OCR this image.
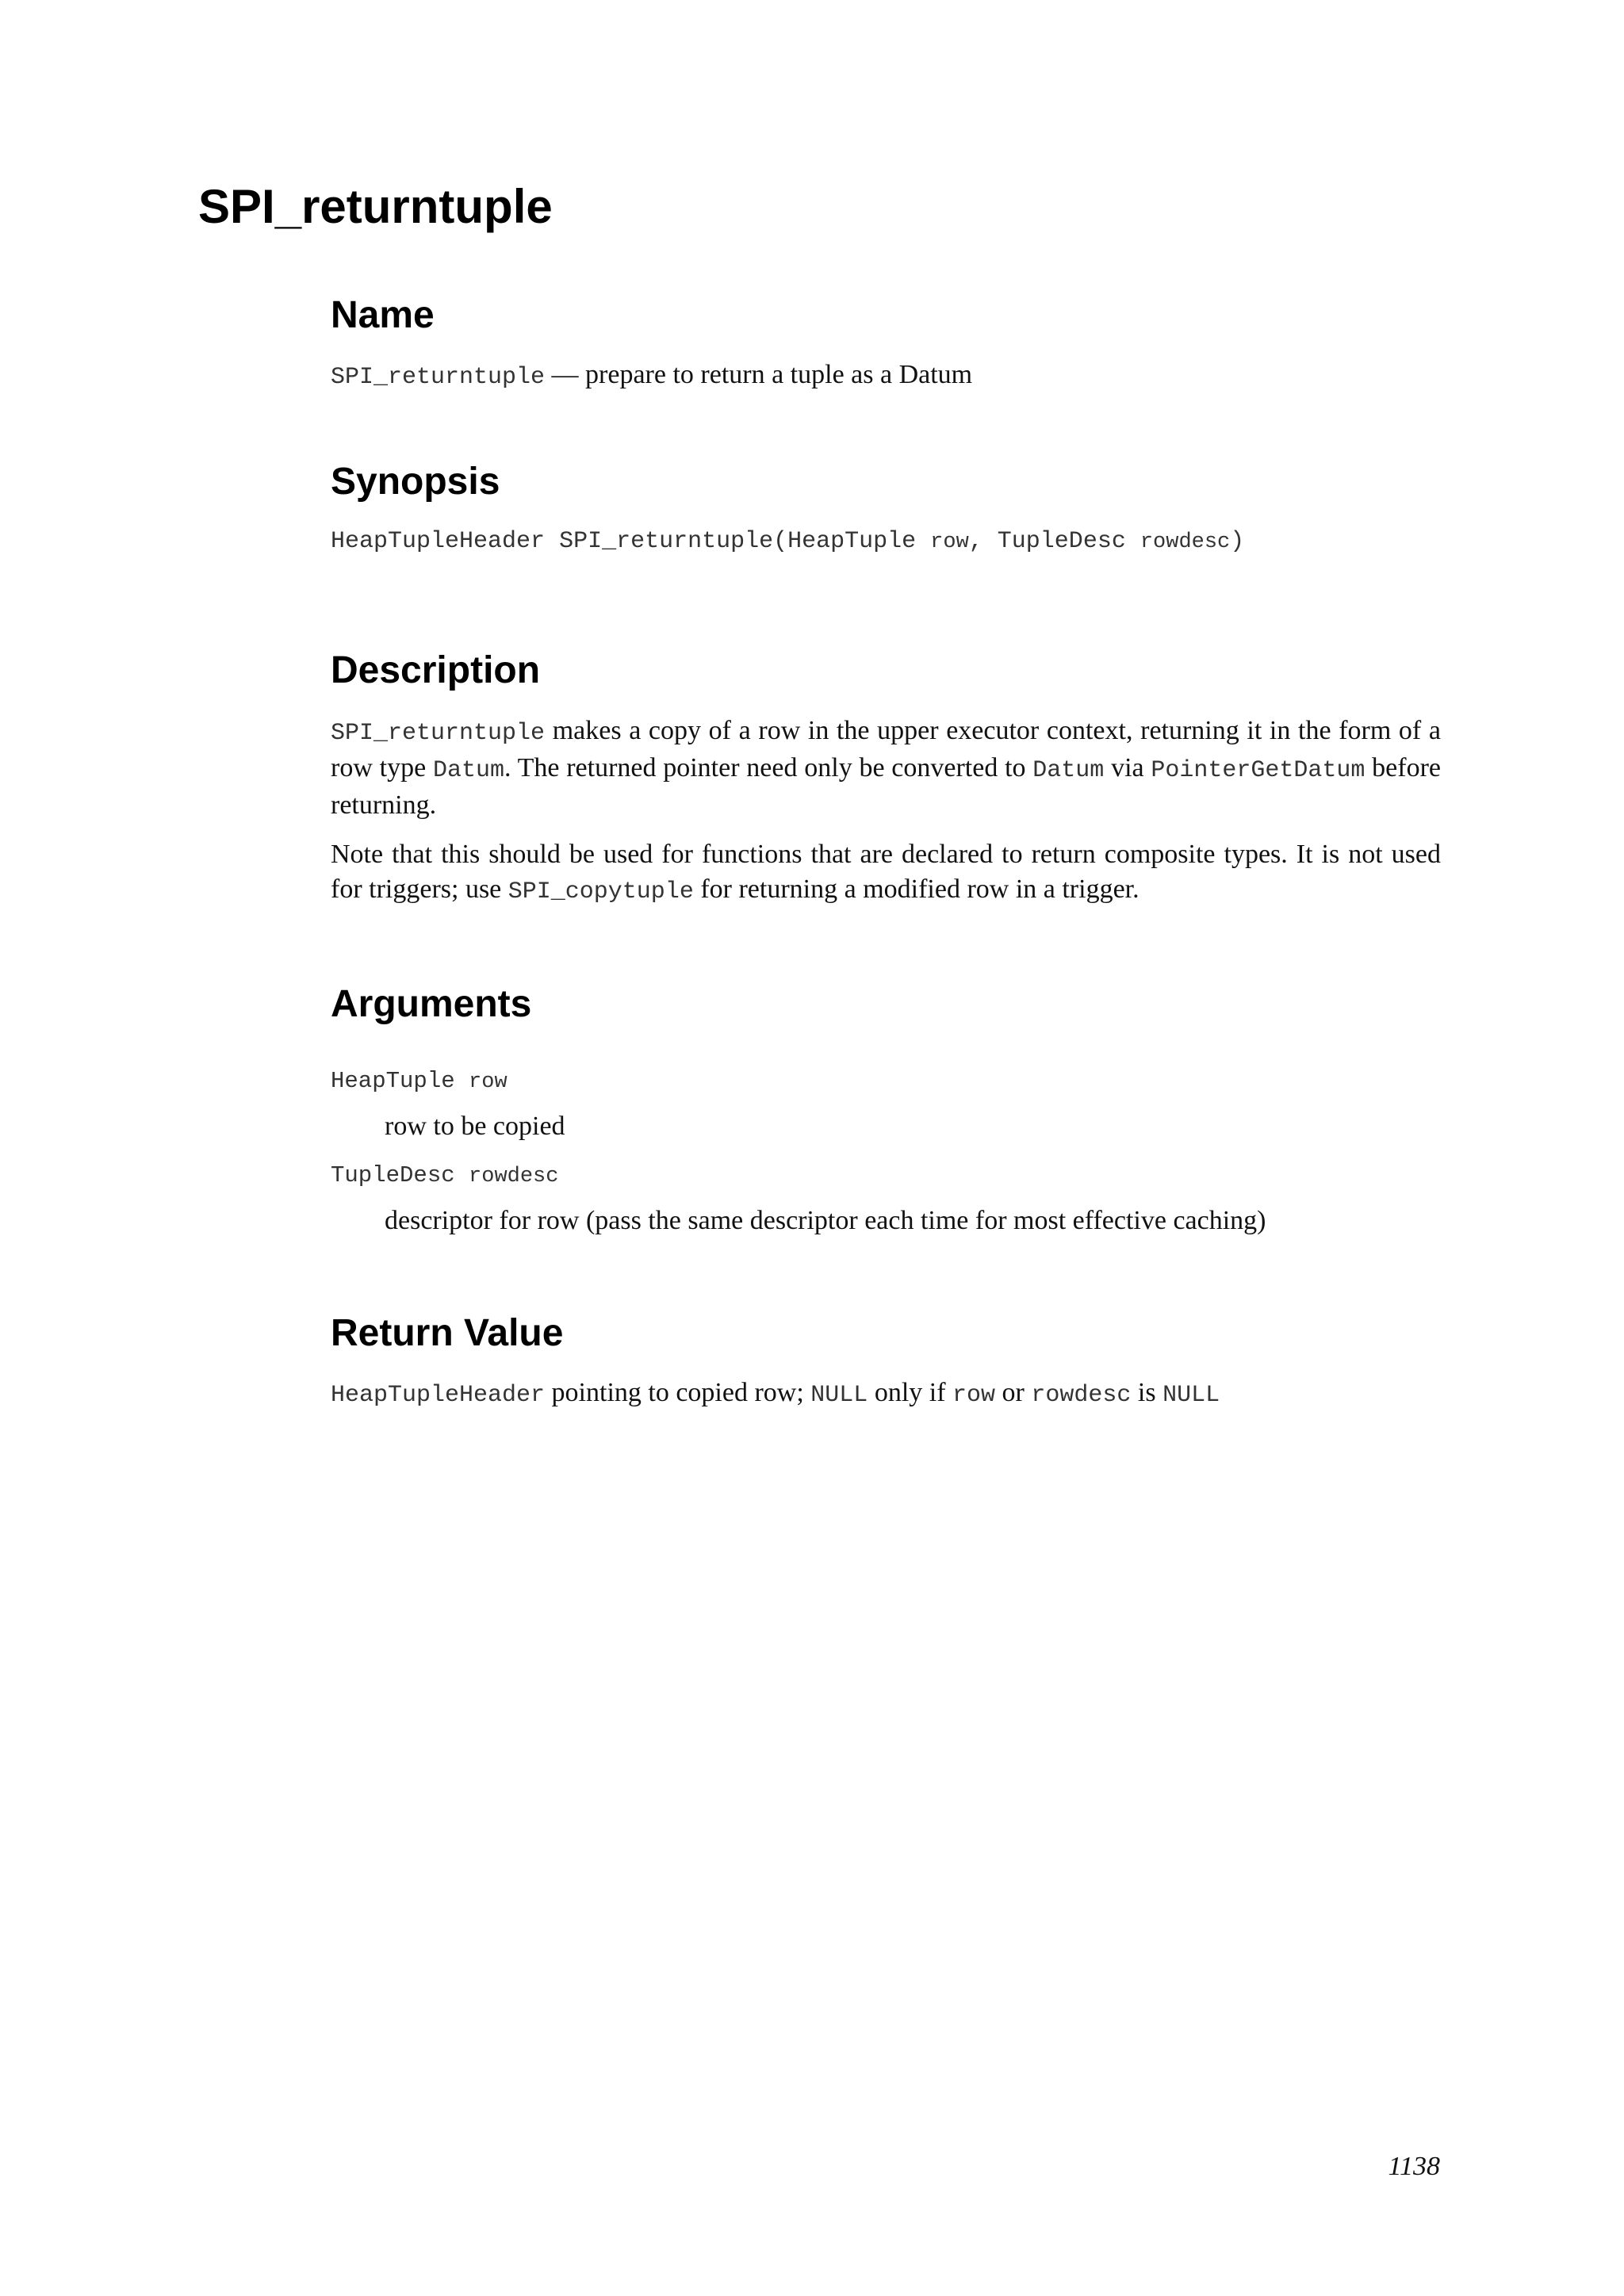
SPI_returntuple
Name

SPI_returntuple — prepare to return a tuple as a Datum

Synopsis

HeapTupleHeader SPI_returntuple(HeapTuple row, TupleDesc rowdesc)

Description

SPI_returntuple makes a copy of a row in the upper executor context, returning it in the form of a row type Datum. The returned pointer need only be converted to Datum via PointerGetDatum before returning.

Note that this should be used for functions that are declared to return composite types. It is not used for triggers; use SPI_copytuple for returning a modified row in a trigger.

Arguments
HeapTuple row
row to be copied
TupleDesc rowdesc
descriptor for row (pass the same descriptor each time for most effective caching)
Return Value

HeapTupleHeader pointing to copied row; NULL only if row or rowdesc is NULL

1138
